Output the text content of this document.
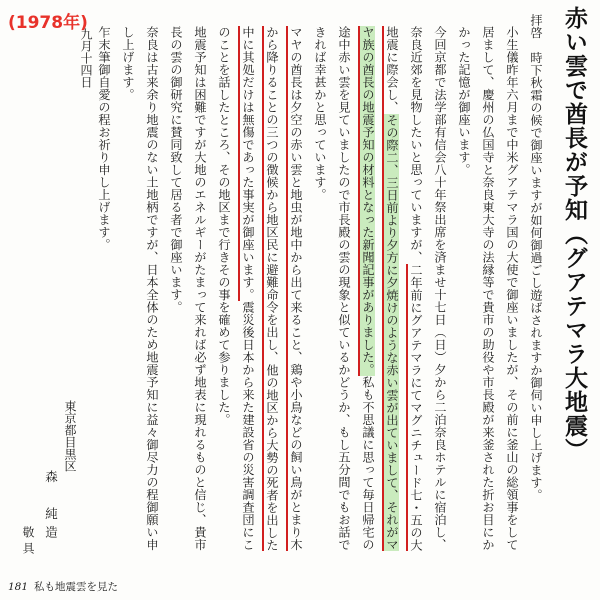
(1978年)	赤い雲で酋長が予知（グアテマラ大地震）

拝啓　時下秋霜の候で御座いますが如何御過ごし遊ばされますか御伺い申し上げます。

小生儀昨年六月まで中米グアテマラ国の大使で御座いましたが、その前に釜山の総領事をして居まして、慶州の仏国寺と奈良東大寺の法縁等で貴市の助役や市長殿が来釜された折お目にかかった記憶が御座います。

今回京都で法学部有信会八十年祭出席を済ませ十七日（日）夕から二泊奈良ホテルに宿泊し、奈良近郊を見物したいと思っていますが、二年前にグアテマラにてマグニチュード七・五の大地震に際会し、その際二、三日前より夕方に夕焼けのような赤い雲が出ていまして、それがマヤ族の酋長の地震予知の材料となった新聞記事がありました。私も不思議に思って毎日帰宅の途中赤い雲を見ていましたので市長殿の雲の現象と似ているかどうか、もし五分間でもお話できれば幸甚かと思っています。

マヤの酋長は夕空の赤い雲と地虫が地中から出て来ること、鶏や小鳥などの飼い鳥がとまり木から降りることの三つの徴候から地区民に避難命令を出し、他の地区から大勢の死者を出した中に其処だけは無傷であった事実が御座います。震災後日本から来た建設省の災害調査団にこのことを話したところ、その地区まで行きその事を確めて参りました。

地震予知は困難ですが大地のエネルギーがたまって来れば必ず地表に現れるものと信じ、貴市長の雲の御研究に賛同致して居る者で御座います。

奈良は古来余り地震のない土地柄ですが、日本全体のため地震予知に益々御尽力の程御願い申し上げます。

乍末筆御自愛の程お祈り申し上げます。

九月十四日
東京都目黒区
森　純造
敬具
181 私も地震雲を見た
